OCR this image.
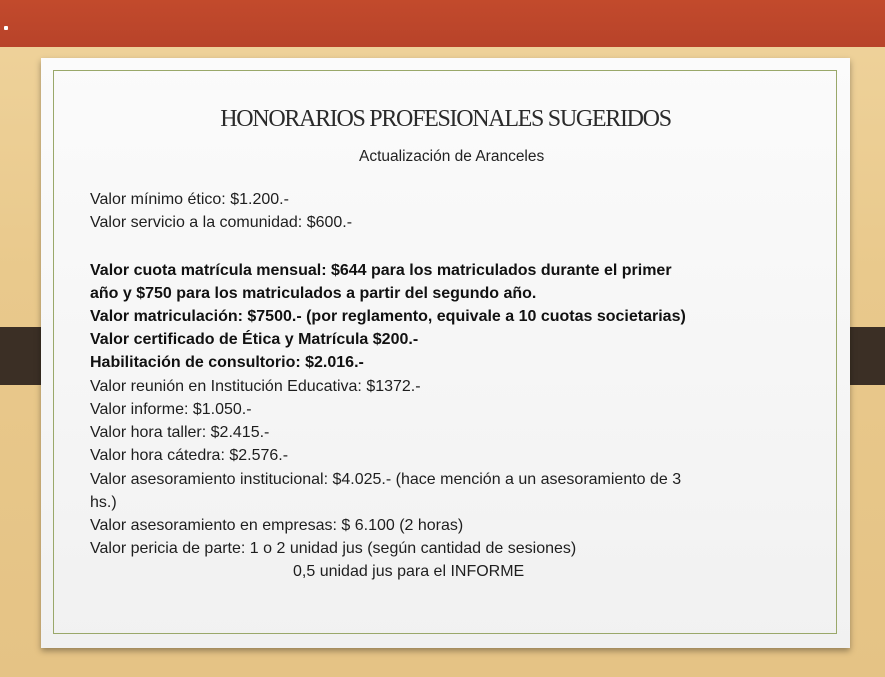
HONORARIOS PROFESIONALES SUGERIDOS
Actualización de Aranceles
Valor mínimo ético: $1.200.-
Valor servicio a la comunidad: $600.-
Valor cuota matrícula mensual: $644 para los matriculados durante el primer
año y $750 para los matriculados a partir del segundo año.
Valor matriculación: $7500.- (por reglamento, equivale a 10 cuotas societarias)
Valor certificado de Ética y Matrícula $200.-
Habilitación de consultorio: $2.016.-
Valor reunión en Institución Educativa: $1372.-
Valor informe: $1.050.-
Valor hora taller: $2.415.-
Valor hora cátedra: $2.576.-
Valor asesoramiento institucional: $4.025.- (hace mención a un asesoramiento de 3
hs.)
Valor asesoramiento en empresas: $ 6.100 (2 horas)
Valor pericia de parte: 1 o 2 unidad jus (según cantidad de sesiones)
0,5 unidad jus para el INFORME
